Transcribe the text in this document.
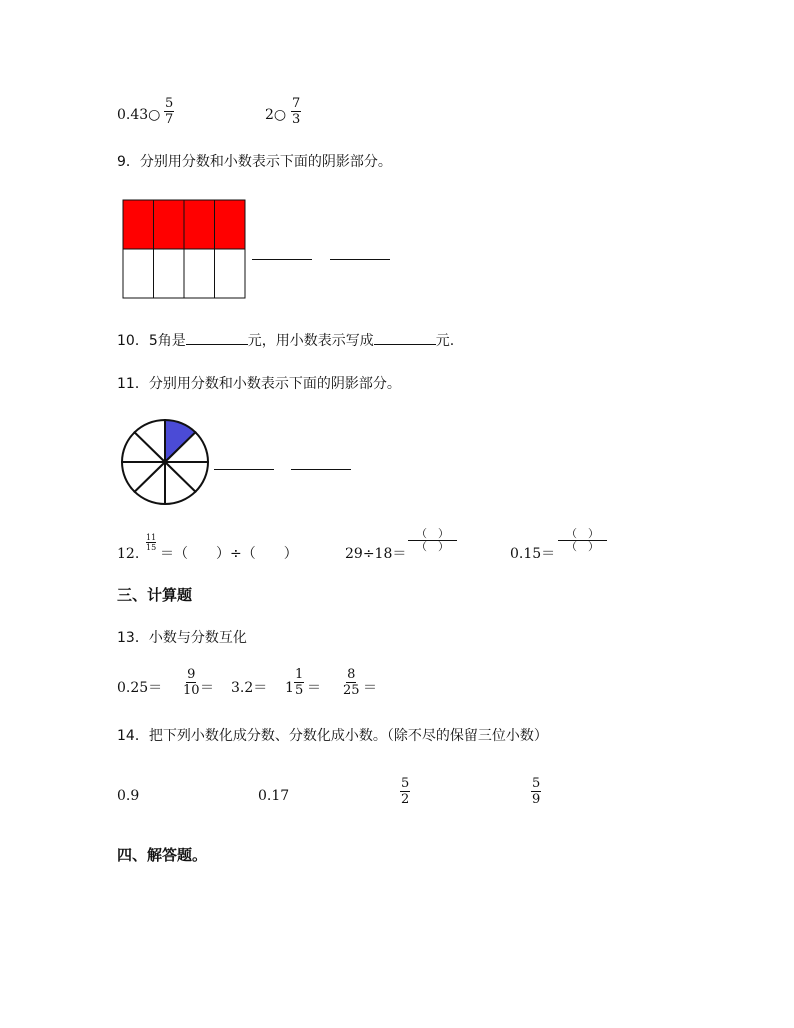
0.43○ $\frac{5}{7}$	2○ $\frac{7}{3}$
9．分别用分数和小数表示下面的阴影部分。
10．5角是	元，用小数表示写成	元.
11．分别用分数和小数表示下面的阴影部分。
12.
$\frac{11}{15}$
＝（　　）÷（　　）	29÷18＝
（　）
（　）	0.15＝
（　）
（　）
三、计算题
13．小数与分数互化
$0.25= \frac{9}{10} = 3.2= 1 \frac{1}{5} = \frac{8}{25}$ ＝
14．把下列小数化成分数、分数化成小数。（除不尽的保留三位小数）
0.9	0.17	$\frac{5}{2}$	$\frac{5}{9}$
四、解答题。
